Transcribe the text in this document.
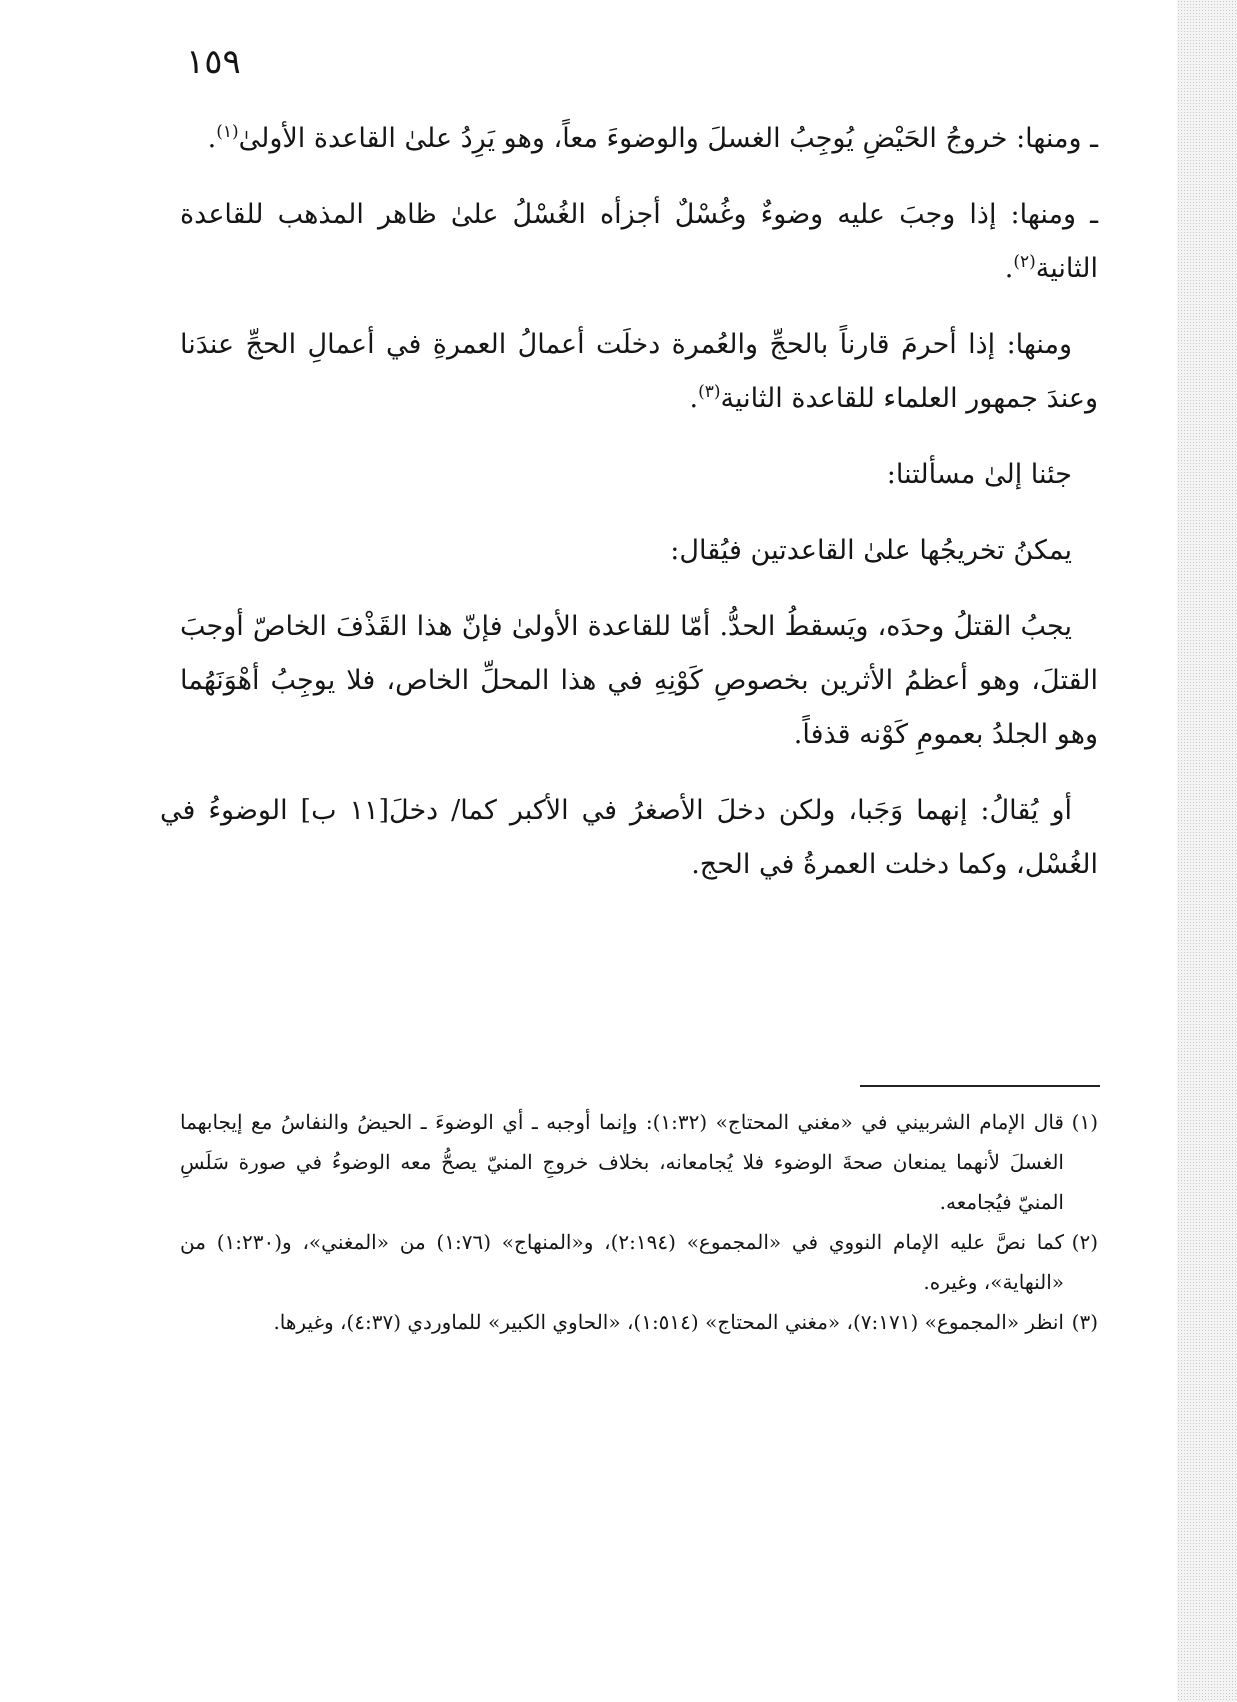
١٥٩

ـ ومنها: خروجُ الحَيْضِ يُوجِبُ الغسلَ والوضوءَ معاً، وهو يَرِدُ علىٰ القاعدة الأولىٰ$^{(١)}$.

ـ ومنها: إذا وجبَ عليه وضوءٌ وغُسْلٌ أجزأه الغُسْلُ علىٰ ظاهر المذهب للقاعدة الثانية$^{(٢)}$.

ومنها: إذا أحرمَ قارناً بالحجِّ والعُمرة دخلَت أعمالُ العمرةِ في أعمالِ الحجِّ عندَنا وعندَ جمهور العلماء للقاعدة الثانية$^{(٣)}$.

جئنا إلىٰ مسألتنا:

يمكنُ تخريجُها علىٰ القاعدتين فيُقال:

يجبُ القتلُ وحدَه، ويَسقطُ الحدُّ. أمّا للقاعدة الأولىٰ فإنّ هذا القَذْفَ الخاصّ أوجبَ القتلَ، وهو أعظمُ الأثرين بخصوصِ كَوْنِهِ في هذا المحلِّ الخاص، فلا يوجِبُ أهْوَنَهُما وهو الجلدُ بعمومِ كَوْنه قذفاً.

أو يُقالُ: إنهما وَجَبا، ولكن دخلَ الأصغرُ في الأكبر كما/ دخلَ[١١ ب] الوضوءُ في الغُسْل، وكما دخلت العمرةُ في الحج.

(١)قال الإمام الشربيني في «مغني المحتاج» (١:٣٢): وإنما أوجبه ـ أي الوضوءَ ـ الحيضُ والنفاسُ مع إيجابهما الغسلَ لأنهما يمنعان صحةَ الوضوء فلا يُجامعانه، بخلاف خروجِ المنيّ يصحُّ معه الوضوءُ في صورة سَلَسِ المنيّ فيُجامعه.

(٢)كما نصَّ عليه الإمام النووي في «المجموع» (٢:١٩٤)، و«المنهاج» (١:٧٦) من «المغني»، و(١:٢٣٠) من «النهاية»، وغيره.

(٣)انظر «المجموع» (٧:١٧١)، «مغني المحتاج» (١:٥١٤)، «الحاوي الكبير» للماوردي (٤:٣٧)، وغيرها.
